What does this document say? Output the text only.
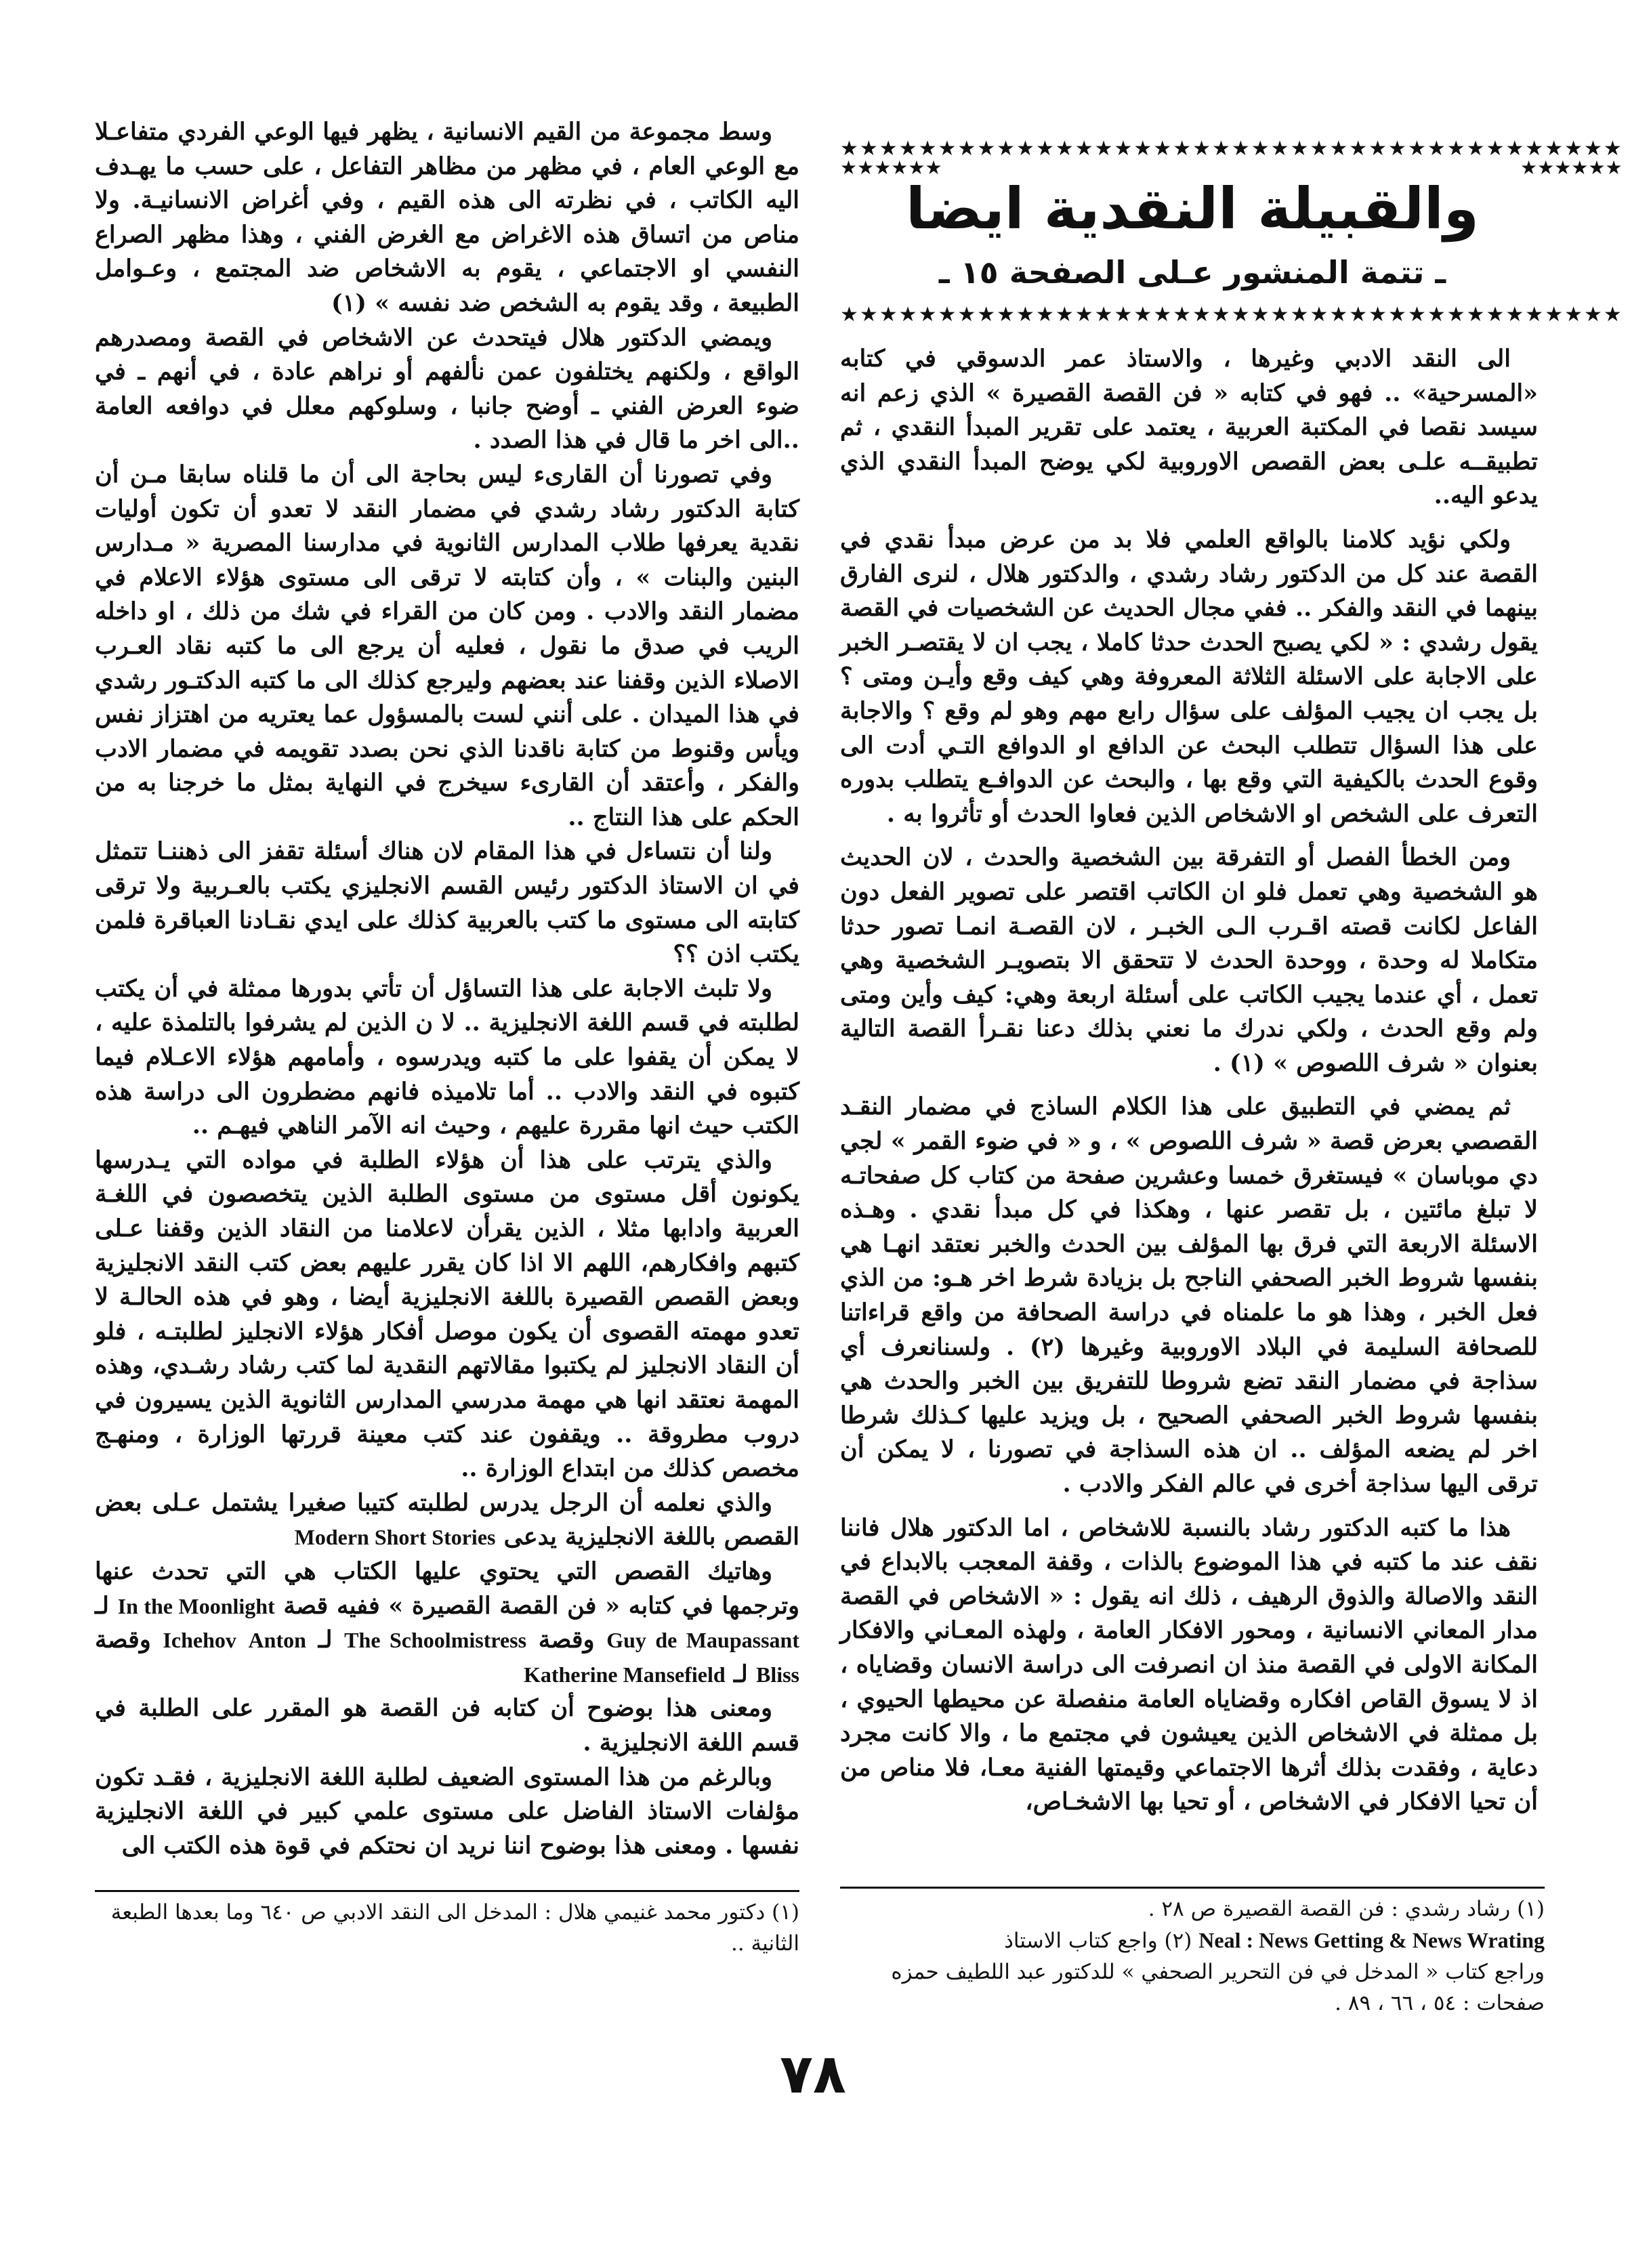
★★★★★★★★★★★★★★★★★★★★★★★★★★★★★★★★★★★★★★★★
★★★★★★	★★★★★★
★★★★★★★★★★★★★★★★★★★★★★★★★★★★★★★★★★★★★★★★
والقبيلة النقدية ايضا
ـ تتمة المنشور عـلى الصفحة ١٥ ـ

الى النقد الادبي وغيرها ، والاستاذ عمر الدسوقي في كتابه «المسرحية» .. فهو في كتابه « فن القصة القصيرة » الذي زعم انه سيسد نقصا في المكتبة العربية ، يعتمد على تقرير المبدأ النقدي ، ثم تطبيقــه علـى بعض القصص الاوروبية لكي يوضح المبدأ النقدي الذي يدعو اليه..

ولكي نؤيد كلامنا بالواقع العلمي فلا بد من عرض مبدأ نقدي في القصة عند كل من الدكتور رشاد رشدي ، والدكتور هلال ، لنرى الفارق بينهما في النقد والفكر .. ففي مجال الحديث عن الشخصيات في القصة يقول رشدي : « لكي يصبح الحدث حدثا كاملا ، يجب ان لا يقتصـر الخبر على الاجابة على الاسئلة الثلاثة المعروفة وهي كيف وقع وأيـن ومتى ؟ بل يجب ان يجيب المؤلف على سؤال رابع مهم وهو لم وقع ؟ والاجابة على هذا السؤال تتطلب البحث عن الدافع او الدوافع التـي أدت الى وقوع الحدث بالكيفية التي وقع بها ، والبحث عن الدوافـع يتطلب بدوره التعرف على الشخص او الاشخاص الذين فعاوا الحدث أو تأثروا به .

ومن الخطأ الفصل أو التفرقة بين الشخصية والحدث ، لان الحديث هو الشخصية وهي تعمل فلو ان الكاتب اقتصر على تصوير الفعل دون الفاعل لكانت قصته اقـرب الـى الخبـر ، لان القصـة انمـا تصور حدثا متكاملا له وحدة ، ووحدة الحدث لا تتحقق الا بتصويـر الشخصية وهي تعمل ، أي عندما يجيب الكاتب على أسئلة اربعة وهي: كيف وأين ومتى ولم وقع الحدث ، ولكي ندرك ما نعني بذلك دعنا نقـرأ القصة التالية بعنوان « شرف اللصوص » (١) .

ثم يمضي في التطبيق على هذا الكلام الساذج في مضمار النقـد القصصي بعرض قصة « شرف اللصوص » ، و « في ضوء القمر » لجي دي موباسان » فيستغرق خمسا وعشرين صفحة من كتاب كل صفحاتـه لا تبلغ مائتين ، بل تقصر عنها ، وهكذا في كل مبدأ نقدي . وهـذه الاسئلة الاربعة التي فرق بها المؤلف بين الحدث والخبر نعتقد انهـا هي بنفسها شروط الخبر الصحفي الناجح بل بزيادة شرط اخر هـو: من الذي فعل الخبر ، وهذا هو ما علمناه في دراسة الصحافة من واقع قراءاتنا للصحافة السليمة في البلاد الاوروبية وغيرها (٢) . ولسنانعرف أي سذاجة في مضمار النقد تضع شروطا للتفريق بين الخبر والحدث هي بنفسها شروط الخبر الصحفي الصحيح ، بل ويزيد عليها كـذلك شرطا اخر لم يضعه المؤلف .. ان هذه السذاجة في تصورنا ، لا يمكن أن ترقى اليها سذاجة أخرى في عالم الفكر والادب .

هذا ما كتبه الدكتور رشاد بالنسبة للاشخاص ، اما الدكتور هلال فاننا نقف عند ما كتبه في هذا الموضوع بالذات ، وقفة المعجب بالابداع في النقد والاصالة والذوق الرهيف ، ذلك انه يقول : « الاشخاص في القصة مدار المعاني الانسانية ، ومحور الافكار العامة ، ولهذه المعـاني والافكار المكانة الاولى في القصة منذ ان انصرفت الى دراسة الانسان وقضاياه ، اذ لا يسوق القاص افكاره وقضاياه العامة منفصلة عن محيطها الحيوي ، بل ممثلة في الاشخاص الذين يعيشون في مجتمع ما ، والا كانت مجرد دعاية ، وفقدت بذلك أثرها الاجتماعي وقيمتها الفنية معـا، فلا مناص من أن تحيا الافكار في الاشخاص ، أو تحيا بها الاشخـاص،

وسط مجموعة من القيم الانسانية ، يظهر فيها الوعي الفردي متفاعـلا مع الوعي العام ، في مظهر من مظاهر التفاعل ، على حسب ما يهـدف اليه الكاتب ، في نظرته الى هذه القيم ، وفي أغراض الانسانيـة. ولا مناص من اتساق هذه الاغراض مع الغرض الفني ، وهذا مظهر الصراع النفسي او الاجتماعي ، يقوم به الاشخاص ضد المجتمع ، وعـوامل الطبيعة ، وقد يقوم به الشخص ضد نفسه » (١)

ويمضي الدكتور هلال فيتحدث عن الاشخاص في القصة ومصدرهم الواقع ، ولكنهم يختلفون عمن نألفهم أو نراهم عادة ، في أنهم ـ في ضوء العرض الفني ـ أوضح جانبا ، وسلوكهم معلل في دوافعه العامة ..الى اخر ما قال في هذا الصدد .

وفي تصورنا أن القارىء ليس بحاجة الى أن ما قلناه سابقا مـن أن كتابة الدكتور رشاد رشدي في مضمار النقد لا تعدو أن تكون أوليات نقدية يعرفها طلاب المدارس الثانوية في مدارسنا المصرية « مـدارس البنين والبنات » ، وأن كتابته لا ترقى الى مستوى هؤلاء الاعلام في مضمار النقد والادب . ومن كان من القراء في شك من ذلك ، او داخله الريب في صدق ما نقول ، فعليه أن يرجع الى ما كتبه نقاد العـرب الاصلاء الذين وقفنا عند بعضهم وليرجع كذلك الى ما كتبه الدكتـور رشدي في هذا الميدان . على أنني لست بالمسؤول عما يعتريه من اهتزاز نفس ويأس وقنوط من كتابة ناقدنا الذي نحن بصدد تقويمه في مضمار الادب والفكر ، وأعتقد أن القارىء سيخرج في النهاية بمثل ما خرجنا به من الحكم على هذا النتاج ..

ولنا أن نتساءل في هذا المقام لان هناك أسئلة تقفز الى ذهننـا تتمثل في ان الاستاذ الدكتور رئيس القسم الانجليزي يكتب بالعـربية ولا ترقى كتابته الى مستوى ما كتب بالعربية كذلك على ايدي نقـادنا العباقرة فلمن يكتب اذن ؟؟

ولا تلبث الاجابة على هذا التساؤل أن تأتي بدورها ممثلة في أن يكتب لطلبته في قسم اللغة الانجليزية .. لا ن الذين لم يشرفوا بالتلمذة عليه ، لا يمكن أن يقفوا على ما كتبه ويدرسوه ، وأمامهم هؤلاء الاعـلام فيما كتبوه في النقد والادب .. أما تلاميذه فانهم مضطرون الى دراسة هذه الكتب حيث انها مقررة عليهم ، وحيث انه الآمر الناهي فيهـم ..

والذي يترتب على هذا أن هؤلاء الطلبة في مواده التي يـدرسها يكونون أقل مستوى من مستوى الطلبة الذين يتخصصون في اللغـة العربية وادابها مثلا ، الذين يقرأن لاعلامنا من النقاد الذين وقفنا عـلى كتبهم وافكارهم، اللهم الا اذا كان يقرر عليهم بعض كتب النقد الانجليزية وبعض القصص القصيرة باللغة الانجليزية أيضا ، وهو في هذه الحالـة لا تعدو مهمته القصوى أن يكون موصل أفكار هؤلاء الانجليز لطلبتـه ، فلو أن النقاد الانجليز لم يكتبوا مقالاتهم النقدية لما كتب رشاد رشـدي، وهذه المهمة نعتقد انها هي مهمة مدرسي المدارس الثانوية الذين يسيرون في دروب مطروقة .. ويقفون عند كتب معينة قررتها الوزارة ، ومنهـج مخصص كذلك من ابتداع الوزارة ..

والذي نعلمه أن الرجل يدرس لطلبته كتيبا صغيرا يشتمل عـلى بعض القصص باللغة الانجليزية يدعى Modern Short Stories

وهاتيك القصص التي يحتوي عليها الكتاب هي التي تحدث عنها وترجمها في كتابه « فن القصة القصيرة » ففيه قصة In the Moonlight لـ Guy de Maupassant وقصة The Schoolmistress لـ Anton Ichehov وقصة Bliss لـ Katherine Mansefield

ومعنى هذا بوضوح أن كتابه فن القصة هو المقرر على الطلبة في قسم اللغة الانجليزية .

وبالرغم من هذا المستوى الضعيف لطلبة اللغة الانجليزية ، فقـد تكون مؤلفات الاستاذ الفاضل على مستوى علمي كبير في اللغة الانجليزية نفسها . ومعنى هذا بوضوح اننا نريد ان نحتكم في قوة هذه الكتب الى

(١) رشاد رشدي : فن القصة القصيرة ص ٢٨ .

Neal : News Getting & News Wrating (٢) واجع كتاب الاستاذ

وراجع كتاب « المدخل في فن التحرير الصحفي » للدكتور عبد اللطيف حمزه صفحات : ٥٤ ، ٦٦ ، ٨٩ .

(١) دكتور محمد غنيمي هلال : المدخل الى النقد الادبي ص ٦٤٠ وما بعدها الطبعة الثانية ..

٧٨
